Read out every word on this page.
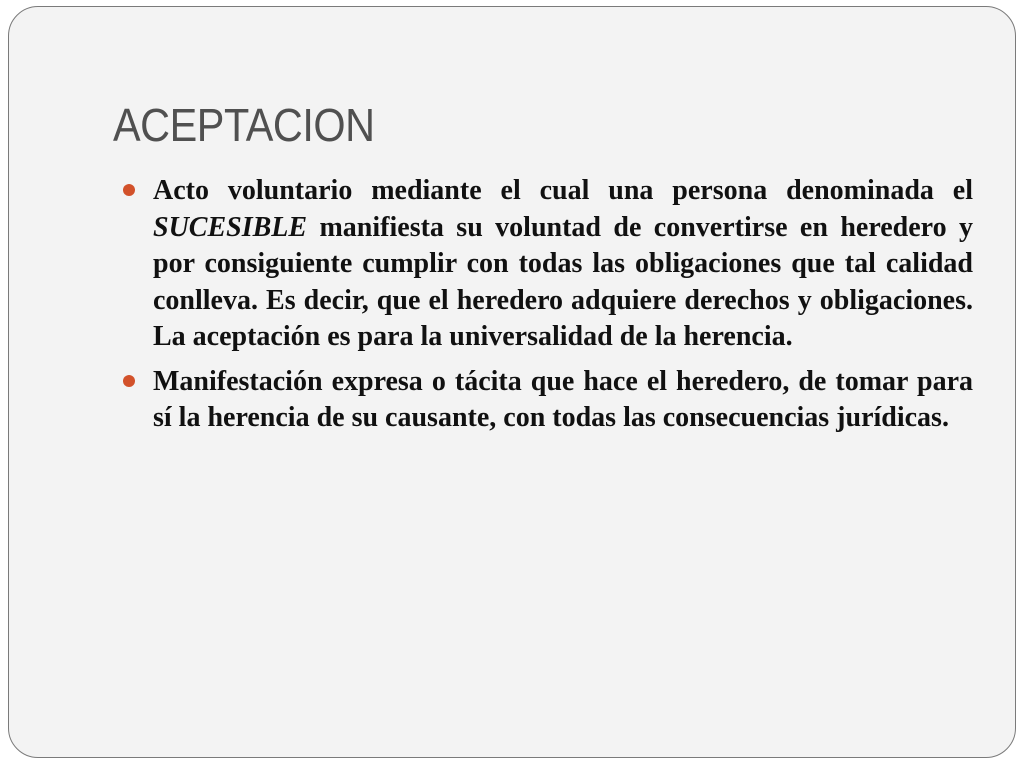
ACEPTACION
Acto voluntario mediante el cual una persona denominada el SUCESIBLE manifiesta su voluntad de convertirse en heredero y por consiguiente cumplir con todas las obligaciones que tal calidad conlleva. Es decir, que el heredero adquiere derechos y obligaciones. La aceptación es para la universalidad de la herencia.
Manifestación expresa o tácita que hace el heredero, de tomar para sí la herencia de su causante, con todas las consecuencias jurídicas.
